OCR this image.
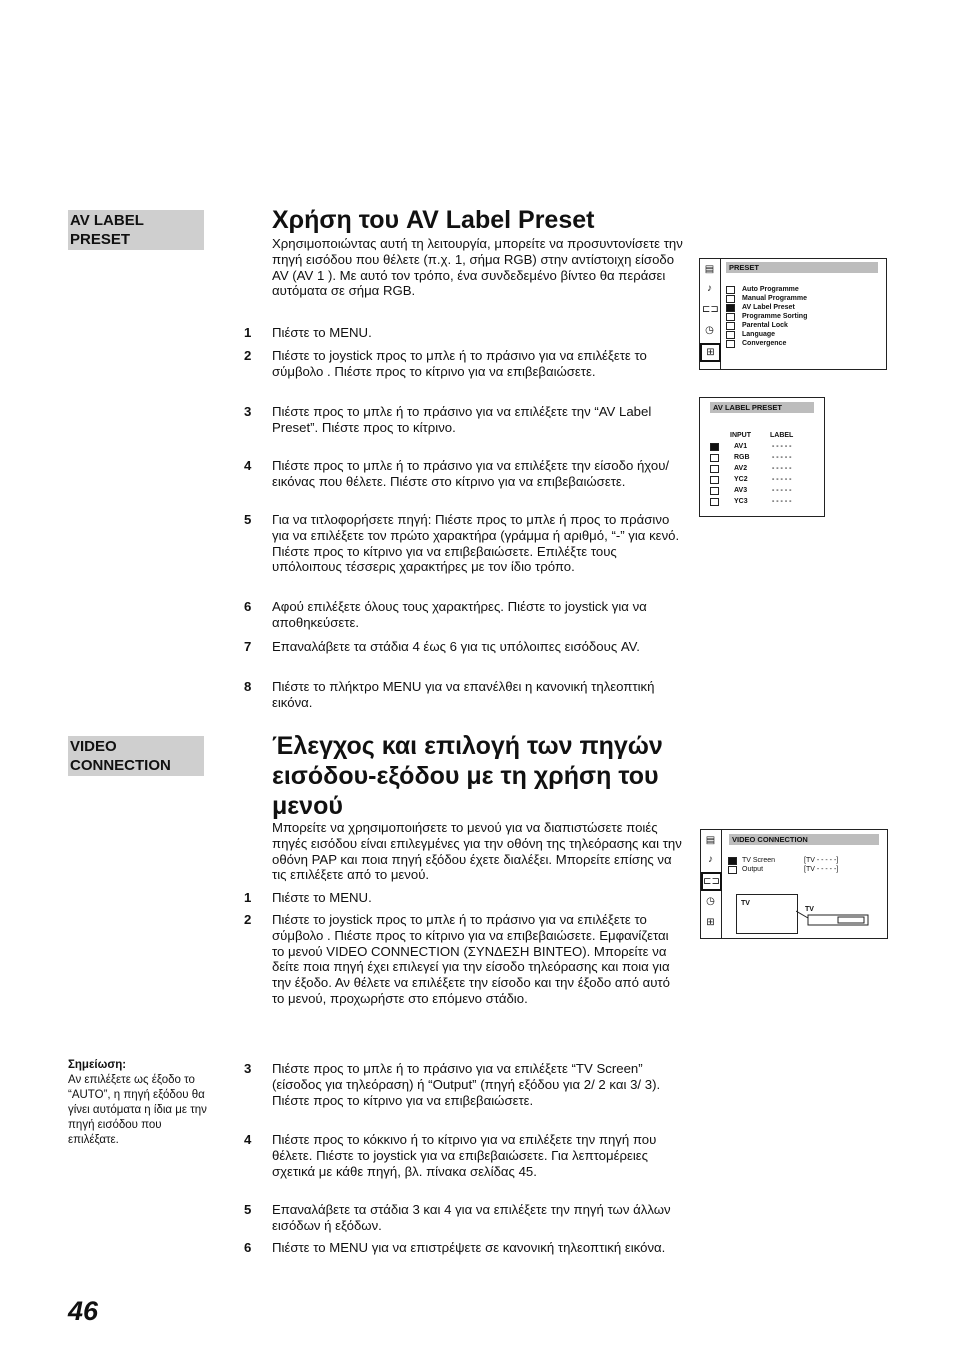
AV LABEL PRESET
Χρήση του AV Label Preset

Χρησιμοποιώντας αυτή τη λειτουργία, μπορείτε να προσυντονίσετε την πηγή εισόδου που θέλετε (π.χ. 1, σήμα RGB) στην αντίστοιχη είσοδο AV (AV 1 ). Με αυτό τον τρόπο, ένα συνδεδεμένο βίντεο θα περάσει αυτόματα σε σήμα RGB.

1	Πιέστε το MENU.
2	Πιέστε το joystick προς το μπλε ή το πράσινο για να επιλέξετε το σύμβολο . Πιέστε προς το κίτρινο για να επιβεβαιώσετε.
3	Πιέστε προς το μπλε ή το πράσινο για να επιλέξετε την “AV Label Preset”. Πιέστε προς το κίτρινο.
4	Πιέστε προς το μπλε ή το πράσινο για να επιλέξετε την είσοδο ήχου/εικόνας που θέλετε. Πιέστε στο κίτρινο για να επιβεβαιώσετε.
5	Για να τιτλοφορήσετε πηγή: Πιέστε προς το μπλε ή προς το πράσινο για να επιλέξετε τον πρώτο χαρακτήρα (γράμμα ή αριθμό, “-” για κενό. Πιέστε προς το κίτρινο για να επιβεβαιώσετε. Επιλέξτε τους υπόλοιπους τέσσερις χαρακτήρες με τον ίδιο τρόπο.
6	Αφού επιλέξετε όλους τους χαρακτήρες. Πιέστε το joystick για να αποθηκεύσετε.
7	Επαναλάβετε τα στάδια 4 έως 6 για τις υπόλοιπες εισόδους AV.
8	Πιέστε το πλήκτρο MENU για να επανέλθει η κανονική τηλεοπτική εικόνα.
▤
♪
⊏⊐
◷
⊞
PRESET
Auto Programme
Manual Programme
AV Label Preset
Programme Sorting
Parental Lock
Language
Convergence
AV LABEL PRESET
INPUT	LABEL
AV1	- - - - -
RGB	- - - - -
AV2	- - - - -
YC2	- - - - -
AV3	- - - - -
YC3	- - - - -
VIDEO CONNECTION
Έλεγχος και επιλογή των πηγών
εισόδου-εξόδου με τη χρήση του
μενού

Μπορείτε να χρησιμοποιήσετε το μενού για να διαπιστώσετε ποιές πηγές εισόδου είναι επιλεγμένες για την οθόνη της τηλεόρασης και την οθόνη PAP και ποια πηγή εξόδου έχετε διαλέξει. Μπορείτε επίσης να τις επιλέξετε από το μενού.

1	Πιέστε το MENU.
2	Πιέστε το joystick προς το μπλε ή το πράσινο για να επιλέξετε το σύμβολο . Πιέστε προς το κίτρινο για να επιβεβαιώσετε. Εμφανίζεται το μενού VIDEO CONNECTION (ΣΥΝΔΕΣΗ ΒΙΝΤΕΟ). Μπορείτε να δείτε ποια πηγή έχει επιλεγεί για την είσοδο τηλεόρασης και ποια για την έξοδο. Αν θέλετε να επιλέξετε την είσοδο και την έξοδο από αυτό το μενού, προχωρήστε στο επόμενο στάδιο.
3	Πιέστε προς το μπλε ή το πράσινο για να επιλέξετε “TV Screen” (είσοδος για τηλεόραση) ή “Output” (πηγή εξόδου για 2/ 2 και 3/ 3). Πιέστε προς το κίτρινο για να επιβεβαιώσετε.
4	Πιέστε προς το κόκκινο ή το κίτρινο για να επιλέξετε την πηγή που θέλετε. Πιέστε το joystick για να επιβεβαιώσετε. Για λεπτομέρειες σχετικά με κάθε πηγή, βλ. πίνακα σελίδας 45.
5	Επαναλάβετε τα στάδια 3 και 4 για να επιλέξετε την πηγή των άλλων εισόδων ή εξόδων.
6	Πιέστε το MENU για να επιστρέψετε σε κανονική τηλεοπτική εικόνα.
▤
♪
⊏⊐
◷
⊞
VIDEO CONNECTION
TV Screen	[TV - - - - -]
Output	[TV - - - - -]
TV
TV
Σημείωση:
Αν επιλέξετε ως έξοδο το “AUTO”, η πηγή εξόδου θα γίνει αυτόματα η ίδια με την πηγή εισόδου που επιλέξατε.
46
